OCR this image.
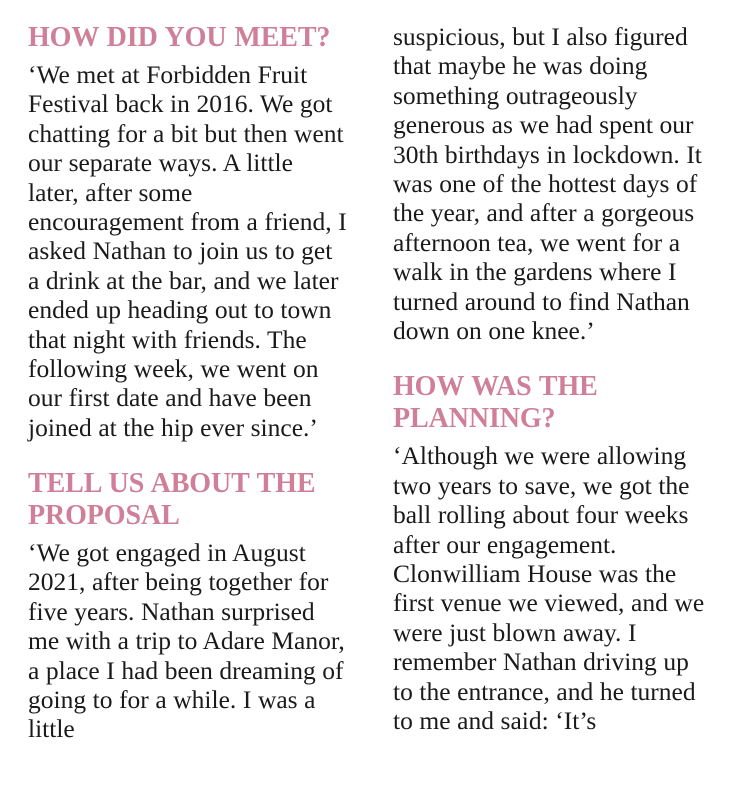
HOW DID YOU MEET?

‘We met at Forbidden Fruit Festival back in 2016. We got chatting for a bit but then went our separate ways. A little later, after some encouragement from a friend, I asked Nathan to join us to get a drink at the bar, and we later ended up heading out to town that night with friends. The following week, we went on our first date and have been joined at the hip ever since.’

TELL US ABOUT THE PROPOSAL

‘We got engaged in August 2021, after being together for five years. Nathan surprised me with a trip to Adare Manor, a place I had been dreaming of going to for a while. I was a little

suspicious, but I also figured that maybe he was doing something outrageously generous as we had spent our 30th birthdays in lockdown. It was one of the hottest days of the year, and after a gorgeous afternoon tea, we went for a walk in the gardens where I turned around to find Nathan down on one knee.’

HOW WAS THE PLANNING?

‘Although we were allowing two years to save, we got the ball rolling about four weeks after our engagement. Clonwilliam House was the first venue we viewed, and we were just blown away. I remember Nathan driving up to the entrance, and he turned to me and said: ‘It’s
